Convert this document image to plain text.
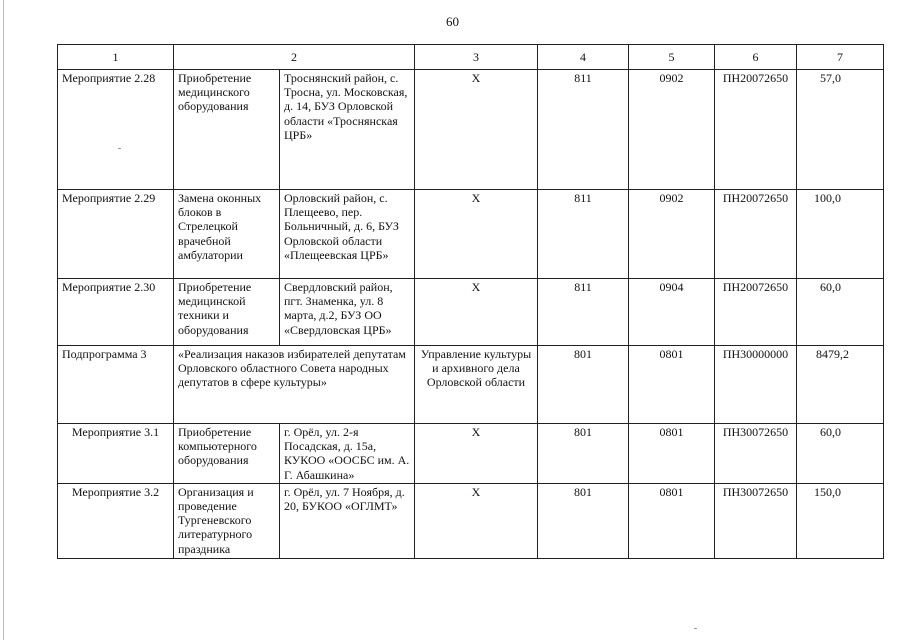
60
1	2		3	4	5	6	7
Мероприятие 2.28	Приобретение медицинского оборудования	Троснянский район, с. Тросна, ул. Московская, д. 14, БУЗ Орловской области «Троснянская ЦРБ»	Х	811	0902	ПН20072650	57,0
Мероприятие 2.29	Замена оконных блоков в Стрелецкой врачебной амбулатории	Орловский район, с. Плещеево, пер. Больничный, д. 6, БУЗ Орловской области «Плещеевская ЦРБ»	Х	811	0902	ПН20072650	100,0
Мероприятие 2.30	Приобретение медицинской техники и оборудования	Свердловский район, пгт. Знаменка, ул. 8 марта, д.2, БУЗ ОО «Свердловская ЦРБ»	Х	811	0904	ПН20072650	60,0
Подпрограмма 3	«Реализация наказов избирателей депутатам Орловского областного Совета народных депутатов в сфере культуры»		Управление культуры и архивного дела Орловской области	801	0801	ПН30000000	8479,2
Мероприятие 3.1	Приобретение компьютерного оборудования	г. Орёл, ул. 2-я Посадская, д. 15а, КУКОО «ООСБС им. А. Г. Абашкина»	Х	801	0801	ПН30072650	60,0
Мероприятие 3.2	Организация и проведение Тургеневского литературного праздника	г. Орёл, ул. 7 Ноября, д. 20, БУКОО «ОГЛМТ»	Х	801	0801	ПН30072650	150,0
